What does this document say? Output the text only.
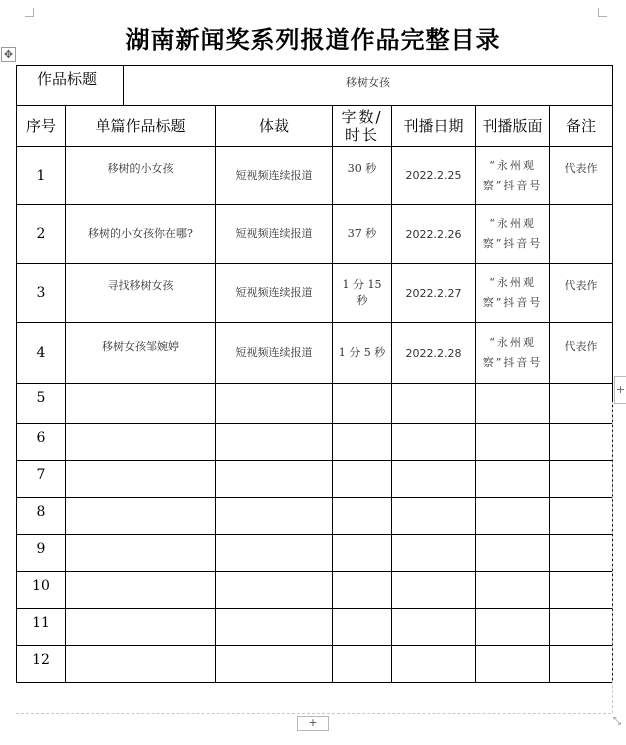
✥
湖南新闻奖系列报道作品完整目录
作品标题		移树女孩					
序号	单篇作品标题		体裁	字数/时长	刊播日期	刊播版面	备注
1	移树的小女孩		短视频连续报道	30 秒	2022.2.25	“永州观察”抖音号	代表作
2	移树的小女孩你在哪?		短视频连续报道	37 秒	2022.2.26	“永州观察”抖音号	
3	寻找移树女孩		短视频连续报道	1 分 15 秒	2022.2.27	“永州观察”抖音号	代表作
4	移树女孩邹婉婷		短视频连续报道	1 分 5 秒	2022.2.28	“永州观察”抖音号	代表作
5							
6							
7							
8							
9							
10							
11							
12							
+
+	⤡
